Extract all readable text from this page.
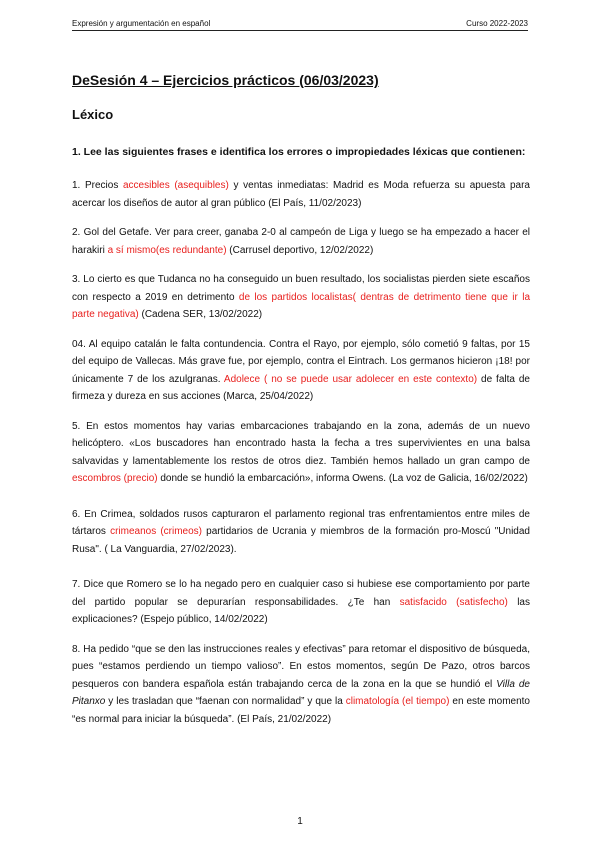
Expresión y argumentación en español	Curso 2022-2023
DeSesión 4 – Ejercicios prácticos (06/03/2023)
Léxico
1. Lee las siguientes frases e identifica los errores o impropiedades léxicas que contienen:

1. Precios accesibles (asequibles) y ventas inmediatas: Madrid es Moda refuerza su apuesta para acercar los diseños de autor al gran público (El País, 11/02/2023)

2. Gol del Getafe. Ver para creer, ganaba 2-0 al campeón de Liga y luego se ha empezado a hacer el harakiri a sí mismo(es redundante) (Carrusel deportivo, 12/02/2022)

3. Lo cierto es que Tudanca no ha conseguido un buen resultado, los socialistas pierden siete escaños con respecto a 2019 en detrimento de los partidos localistas( dentras de detrimento tiene que ir la parte negativa) (Cadena SER, 13/02/2022)

04. Al equipo catalán le falta contundencia. Contra el Rayo, por ejemplo, sólo cometió 9 faltas, por 15 del equipo de Vallecas. Más grave fue, por ejemplo, contra el Eintrach. Los germanos hicieron ¡18! por únicamente 7 de los azulgranas. Adolece ( no se puede usar adolecer en este contexto) de falta de firmeza y dureza en sus acciones (Marca, 25/04/2022)

5. En estos momentos hay varias embarcaciones trabajando en la zona, además de un nuevo helicóptero. «Los buscadores han encontrado hasta la fecha a tres supervivientes en una balsa salvavidas y lamentablemente los restos de otros diez. También hemos hallado un gran campo de escombros (precio) donde se hundió la embarcación», informa Owens. (La voz de Galicia, 16/02/2022)

6. En Crimea, soldados rusos capturaron el parlamento regional tras enfrentamientos entre miles de tártaros crimeanos (crimeos) partidarios de Ucrania y miembros de la formación pro-Moscú "Unidad Rusa". ( La Vanguardia, 27/02/2023).

7. Dice que Romero se lo ha negado pero en cualquier caso si hubiese ese comportamiento por parte del partido popular se depurarían responsabilidades. ¿Te han satisfacido (satisfecho) las explicaciones? (Espejo público, 14/02/2022)

8. Ha pedido “que se den las instrucciones reales y efectivas” para retomar el dispositivo de búsqueda, pues “estamos perdiendo un tiempo valioso”. En estos momentos, según De Pazo, otros barcos pesqueros con bandera española están trabajando cerca de la zona en la que se hundió el Villa de Pitanxo y les trasladan que “faenan con normalidad” y que la climatología (el tiempo) en este momento “es normal para iniciar la búsqueda”. (El País, 21/02/2022)

1
